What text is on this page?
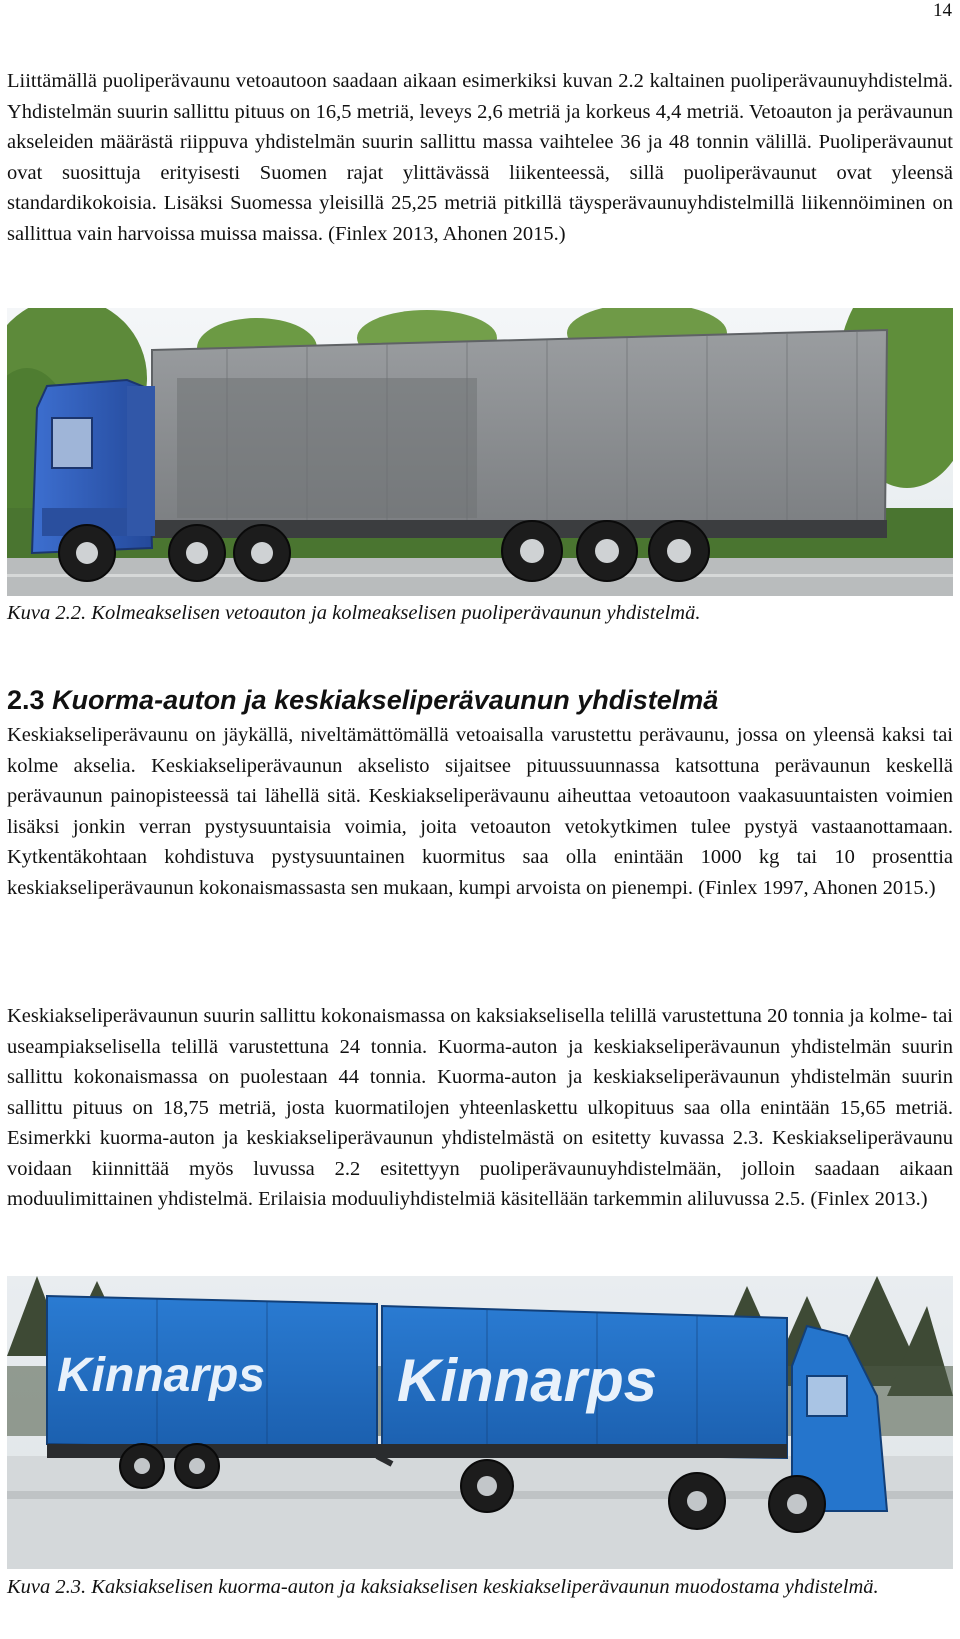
14

Liittämällä puoliperävaunu vetoautoon saadaan aikaan esimerkiksi kuvan 2.2 kaltainen puoliperävaunuyhdistelmä. Yhdistelmän suurin sallittu pituus on 16,5 metriä, leveys 2,6 metriä ja korkeus 4,4 metriä. Vetoauton ja perävaunun akseleiden määrästä riippuva yhdistelmän suurin sallittu massa vaihtelee 36 ja 48 tonnin välillä. Puoliperävaunut ovat suosittuja erityisesti Suomen rajat ylittävässä liikenteessä, sillä puoliperävaunut ovat yleensä standardikokoisia. Lisäksi Suomessa yleisillä 25,25 metriä pitkillä täysperävaunuyhdistelmillä liikennöiminen on sallittua vain harvoissa muissa maissa. (Finlex 2013, Ahonen 2015.)

Kuva 2.2. Kolmeakselisen vetoauton ja kolmeakselisen puoliperävaunun yhdistelmä.

2.3 Kuorma-auton ja keskiakseliperävaunun yhdistelmä

Keskiakseliperävaunu on jäykällä, niveltämättömällä vetoaisalla varustettu perävaunu, jossa on yleensä kaksi tai kolme akselia. Keskiakseliperävaunun akselisto sijaitsee pituussuunnassa katsottuna perävaunun keskellä perävaunun painopisteessä tai lähellä sitä. Keskiakseliperävaunu aiheuttaa vetoautoon vaakasuuntaisten voimien lisäksi jonkin verran pystysuuntaisia voimia, joita vetoauton vetokytkimen tulee pystyä vastaanottamaan. Kytkentäkohtaan kohdistuva pystysuuntainen kuormitus saa olla enintään 1000 kg tai 10 prosenttia keskiakseliperävaunun kokonaismassasta sen mukaan, kumpi arvoista on pienempi. (Finlex 1997, Ahonen 2015.)

Keskiakseliperävaunun suurin sallittu kokonaismassa on kaksiakselisella telillä varustettuna 20 tonnia ja kolme- tai useampiakselisella telillä varustettuna 24 tonnia. Kuorma-auton ja keskiakseliperävaunun yhdistelmän suurin sallittu kokonaismassa on puolestaan 44 tonnia. Kuorma-auton ja keskiakseliperävaunun yhdistelmän suurin sallittu pituus on 18,75 metriä, josta kuormatilojen yhteenlaskettu ulkopituus saa olla enintään 15,65 metriä. Esimerkki kuorma-auton ja keskiakseliperävaunun yhdistelmästä on esitetty kuvassa 2.3. Keskiakseliperävaunu voidaan kiinnittää myös luvussa 2.2 esitettyyn puoliperävaunuyhdistelmään, jolloin saadaan aikaan moduulimittainen yhdistelmä. Erilaisia moduuliyhdistelmiä käsitellään tarkemmin aliluvussa 2.5. (Finlex 2013.)

Kinnarps Kinnarps

Kuva 2.3. Kaksiakselisen kuorma-auton ja kaksiakselisen keskiakseliperävaunun muodostama yhdistelmä.
